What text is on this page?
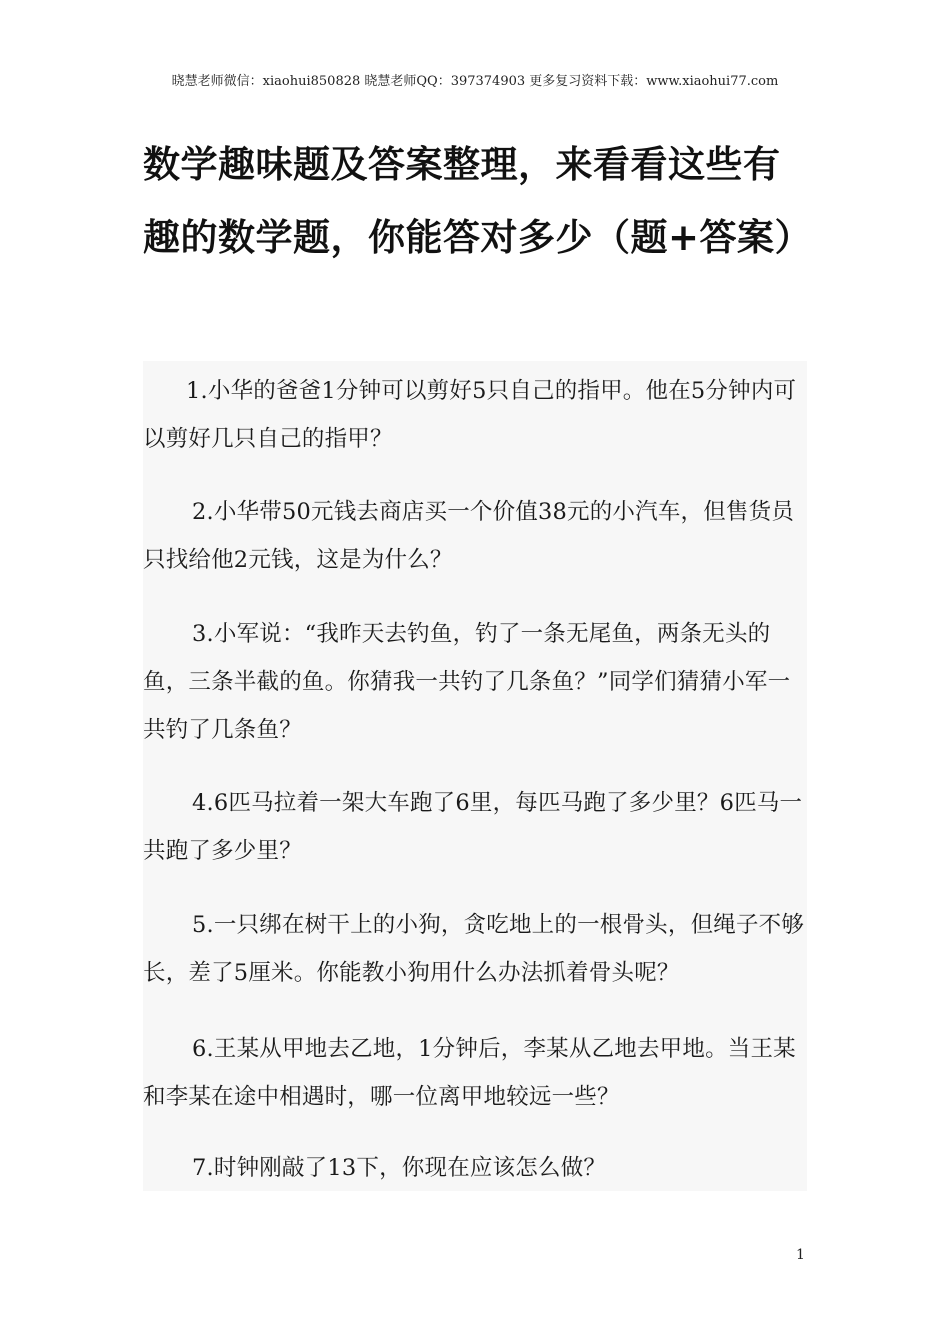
晓慧老师微信：xiaohui850828 晓慧老师QQ：397374903 更多复习资料下载：www.xiaohui77.com
数学趣味题及答案整理，来看看这些有趣的数学题，你能答对多少（题+答案）

1.小华的爸爸1分钟可以剪好5只自己的指甲。他在5分钟内可以剪好几只自己的指甲？

2.小华带50元钱去商店买一个价值38元的小汽车，但售货员只找给他2元钱，这是为什么？

3.小军说：“我昨天去钓鱼，钓了一条无尾鱼，两条无头的鱼，三条半截的鱼。你猜我一共钓了几条鱼？”同学们猜猜小军一共钓了几条鱼？

4.6匹马拉着一架大车跑了6里，每匹马跑了多少里？6匹马一共跑了多少里？

5.一只绑在树干上的小狗，贪吃地上的一根骨头，但绳子不够长，差了5厘米。你能教小狗用什么办法抓着骨头呢？

6.王某从甲地去乙地，1分钟后，李某从乙地去甲地。当王某和李某在途中相遇时，哪一位离甲地较远一些？

7.时钟刚敲了13下，你现在应该怎么做？

1
